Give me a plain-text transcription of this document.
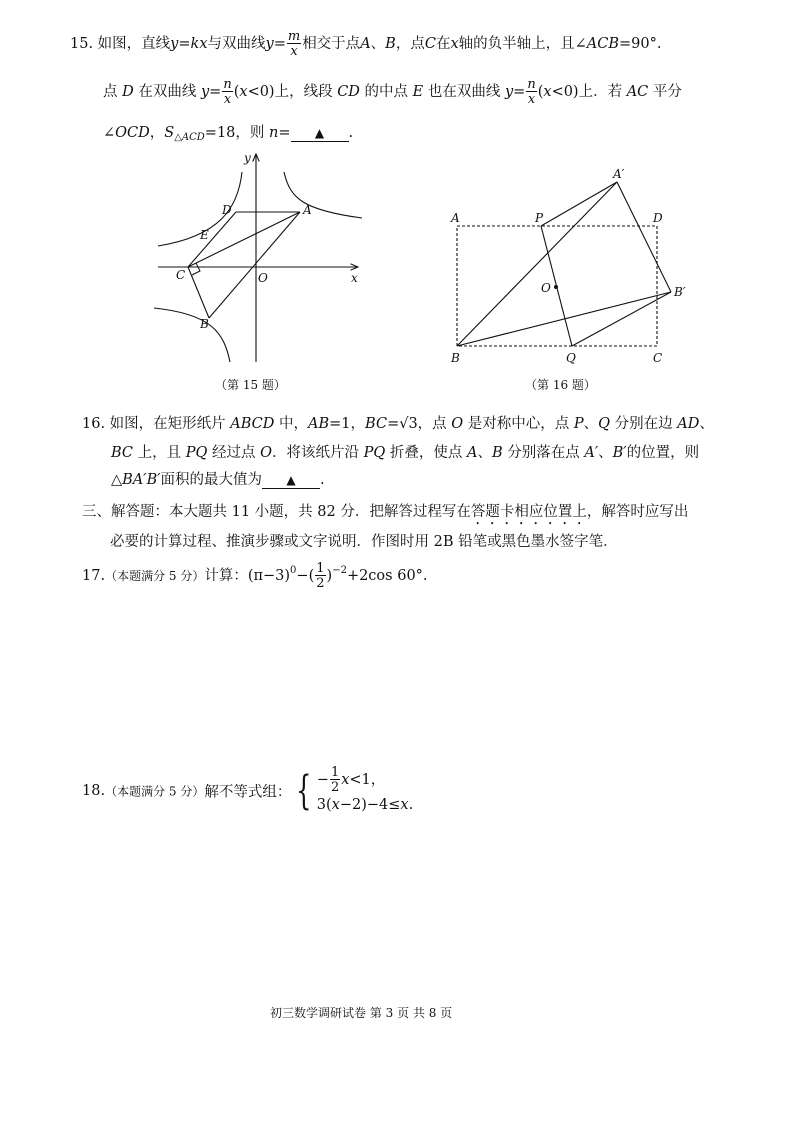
15. 如图，直线y=kx与双曲线$y= \frac{m}{x}$ 相交于点A、B，点C在x轴的负半轴上，且∠ACB=90°.
点 D 在双曲线 $y= \frac{n}{x} (x<0)$上，线段 CD 的中点 E 也在双曲线 $y= \frac{n}{x} (x<0)$上．若 AC 平分
∠OCD，$S_{\triangle ACD}=18$，则 n= ▲ .
y
x
O
A
B
C
D
E
（第 15 题）
A	P	D
A′
O	B′
B	Q	C
（第 16 题）
16. 如图，在矩形纸片 ABCD 中，AB=1，BC=√3，点 O 是对称中心，点 P、Q 分别在边 AD、
BC 上，且 PQ 经过点 O．将该纸片沿 PQ 折叠，使点 A、B 分别落在点 A′、B′的位置，则
△BA′B′面积的最大值为 ▲ .
三、解答题：本大题共 11 小题，共 82 分．把解答过程写在答题卡相应位置上，解答时应写出
必要的计算过程、推演步骤或文字说明．作图时用 2B 铅笔或黑色墨水签字笔．
17.（本题满分 5 分）计算：$(\pi-3)^0-( \frac{1}{2} )^{-2}+2\cos$ 60°.
18.（本题满分 5 分）解不等式组： { − $\frac{1}{2} x<1$，
3(x−2)−4≤x.
初三数学调研试卷 第 3 页 共 8 页
